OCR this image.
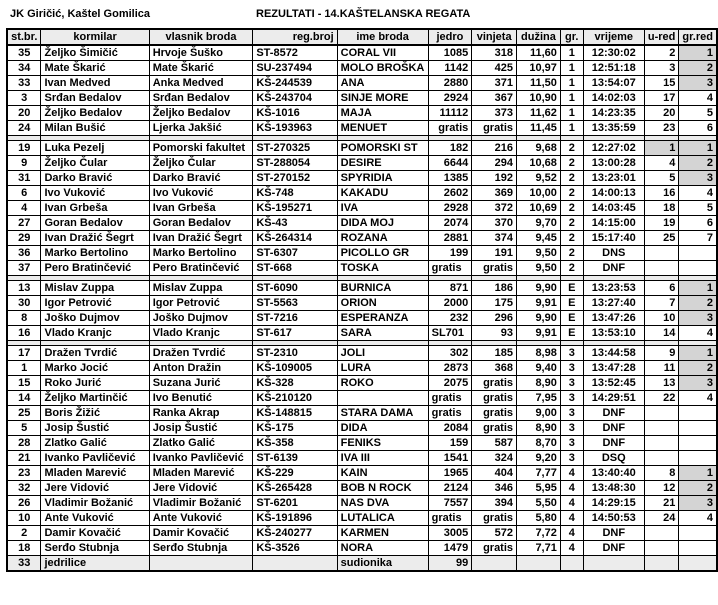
JK Giričić, Kaštel Gomilica	REZULTATI - 14.KAŠTELANSKA REGATA
st.br.	kormilar	vlasnik broda	reg.broj	ime broda	jedro	vinjeta	dužina	gr.	vrijeme	u-red	gr.red
35	Željko Šimičić	Hrvoje Šuško	ST-8572	CORAL VII	1085	318	11,60	1	12:30:02	2	1
34	Mate Škarić	Mate Škarić	SU-237494	MOLO BROŠKA	1142	425	10,97	1	12:51:18	3	2
33	Ivan Medved	Anka Medved	KŠ-244539	ANA	2880	371	11,50	1	13:54:07	15	3
3	Srđan Bedalov	Srđan Bedalov	KŠ-243704	SINJE MORE	2924	367	10,90	1	14:02:03	17	4
20	Željko Bedalov	Željko Bedalov	KŠ-1016	MAJA	11112	373	11,62	1	14:23:35	20	5
24	Milan Bušić	Ljerka Jakšić	KŠ-193963	MENUET	gratis	gratis	11,45	1	13:35:59	23	6

19	Luka Pezelj	Pomorski fakultet	ST-270325	POMORSKI ST	182	216	9,68	2	12:27:02	1	1
9	Željko Čular	Željko Čular	ST-288054	DESIRE	6644	294	10,68	2	13:00:28	4	2
31	Darko Bravić	Darko Bravić	ST-270152	SPYRIDIA	1385	192	9,52	2	13:23:01	5	3
6	Ivo Vuković	Ivo Vuković	KŠ-748	KAKADU	2602	369	10,00	2	14:00:13	16	4
4	Ivan Grbeša	Ivan Grbeša	KŠ-195271	IVA	2928	372	10,69	2	14:03:45	18	5
27	Goran Bedalov	Goran Bedalov	KŠ-43	DIDA MOJ	2074	370	9,70	2	14:15:00	19	6
29	Ivan Dražić Šegrt	Ivan Dražić Šegrt	KŠ-264314	ROZANA	2881	374	9,45	2	15:17:40	25	7
36	Marko Bertolino	Marko Bertolino	ST-6307	PICOLLO GR	199	191	9,50	2	DNS		
37	Pero Bratinčević	Pero Bratinčević	ST-668	TOSKA	gratis	gratis	9,50	2	DNF		

13	Mislav Zuppa	Mislav Zuppa	ST-6090	BURNICA	871	186	9,90	E	13:23:53	6	1
30	Igor Petrović	Igor Petrović	ST-5563	ORION	2000	175	9,91	E	13:27:40	7	2
8	Joško Dujmov	Joško Dujmov	ST-7216	ESPERANZA	232	296	9,90	E	13:47:26	10	3
16	Vlado Kranjc	Vlado Kranjc	ST-617	SARA	SL701	93	9,91	E	13:53:10	14	4

17	Dražen Tvrdić	Dražen Tvrdić	ST-2310	JOLI	302	185	8,98	3	13:44:58	9	1
1	Marko Jocić	Anton Dražin	KŠ-109005	LURA	2873	368	9,40	3	13:47:28	11	2
15	Roko Jurić	Suzana Jurić	KŠ-328	ROKO	2075	gratis	8,90	3	13:52:45	13	3
14	Željko Martinčić	Ivo Benutić	KŠ-210120		gratis	gratis	7,95	3	14:29:51	22	4
25	Boris Žižić	Ranka Akrap	KŠ-148815	STARA DAMA	gratis	gratis	9,00	3	DNF		
5	Josip Šustić	Josip Šustić	KŠ-175	DIDA	2084	gratis	8,90	3	DNF		
28	Zlatko Galić	Zlatko Galić	KŠ-358	FENIKS	159	587	8,70	3	DNF		
21	Ivanko Pavličević	Ivanko Pavličević	ST-6139	IVA III	1541	324	9,20	3	DSQ		
23	Mladen Marević	Mladen Marević	KŠ-229	KAIN	1965	404	7,77	4	13:40:40	8	1
32	Jere Vidović	Jere Vidović	KŠ-265428	BOB N ROCK	2124	346	5,95	4	13:48:30	12	2
26	Vladimir Božanić	Vladimir Božanić	ST-6201	NAS DVA	7557	394	5,50	4	14:29:15	21	3
10	Ante Vuković	Ante Vuković	KŠ-191896	LUTALICA	gratis	gratis	5,80	4	14:50:53	24	4
2	Damir Kovačić	Damir Kovačić	KŠ-240277	KARMEN	3005	572	7,72	4	DNF		
18	Serđo Stubnja	Serđo Stubnja	KŠ-3526	NORA	1479	gratis	7,71	4	DNF		
33	jedrilice			sudionika	99						
